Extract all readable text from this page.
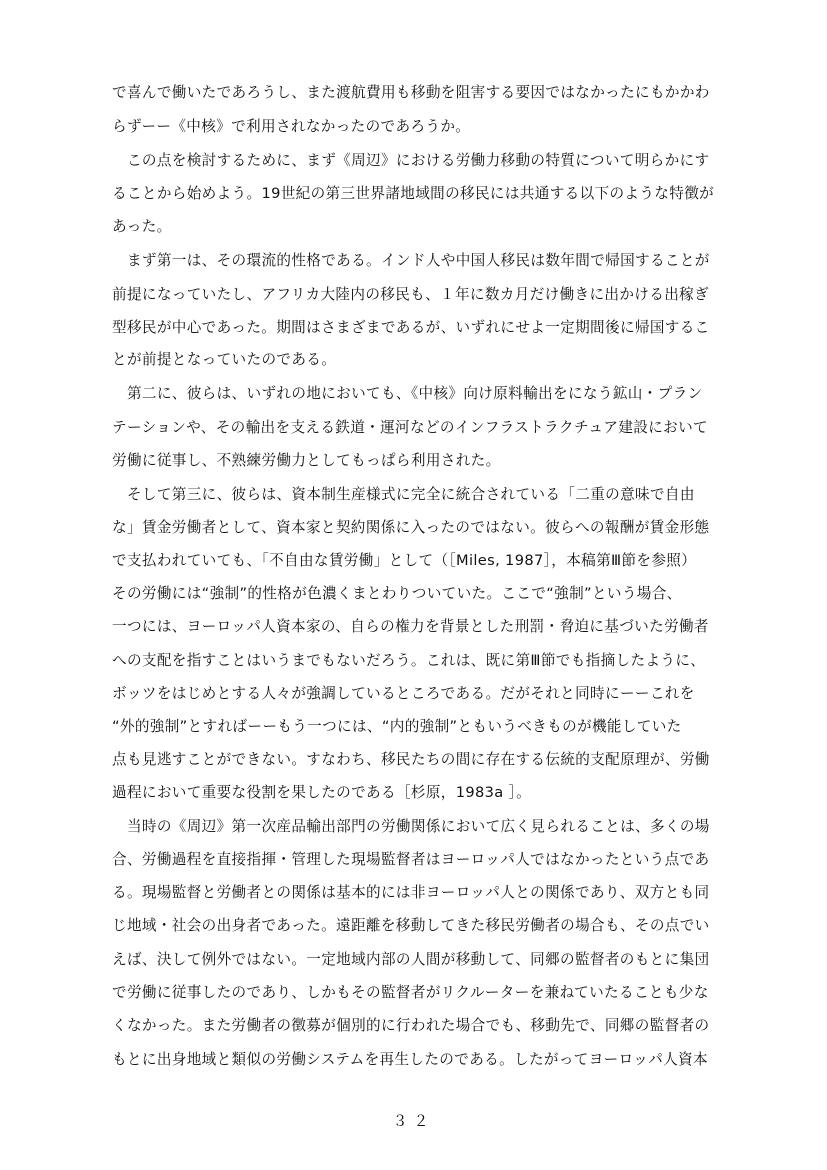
で喜んで働いたであろうし、また渡航費用も移動を阻害する要因ではなかったにもかかわ
らずーー《中核》で利用されなかったのであろうか。
　この点を検討するために、まず《周辺》における労働力移動の特質について明らかにす
ることから始めよう。19世紀の第三世界諸地域間の移民には共通する以下のような特徴が
あった。
　まず第一は、その環流的性格である。インド人や中国人移民は数年間で帰国することが
前提になっていたし、アフリカ大陸内の移民も、１年に数カ月だけ働きに出かける出稼ぎ
型移民が中心であった。期間はさまざまであるが、いずれにせよ一定期間後に帰国するこ
とが前提となっていたのである。
　第二に、彼らは、いずれの地においても、《中核》向け原料輸出をになう鉱山・プラン
テーションや、その輸出を支える鉄道・運河などのインフラストラクチュア建設において
労働に従事し、不熟練労働力としてもっぱら利用された。
　そして第三に、彼らは、資本制生産様式に完全に統合されている「二重の意味で自由
な」賃金労働者として、資本家と契約関係に入ったのではない。彼らへの報酬が賃金形態
で支払われていても、「不自由な賃労働」として（［Miles, 1987］，本稿第Ⅲ節を参照）
その労働には“強制”的性格が色濃くまとわりついていた。ここで“強制”という場合、
一つには、ヨーロッパ人資本家の、自らの権力を背景とした刑罰・脅迫に基づいた労働者
への支配を指すことはいうまでもないだろう。これは、既に第Ⅲ節でも指摘したように、
ボッツをはじめとする人々が強調しているところである。だがそれと同時にーーこれを
“外的強制”とすればーーもう一つには、“内的強制”ともいうべきものが機能していた
点も見逃すことができない。すなわち、移民たちの間に存在する伝統的支配原理が、労働
過程において重要な役割を果したのである［杉原，1983a ］。
　当時の《周辺》第一次産品輸出部門の労働関係において広く見られることは、多くの場
合、労働過程を直接指揮・管理した現場監督者はヨーロッパ人ではなかったという点であ
る。現場監督と労働者との関係は基本的には非ヨーロッパ人との関係であり、双方とも同
じ地域・社会の出身者であった。遠距離を移動してきた移民労働者の場合も、その点でい
えば、決して例外ではない。一定地域内部の人間が移動して、同郷の監督者のもとに集団
で労働に従事したのであり、しかもその監督者がリクルーターを兼ねていたることも少な
くなかった。また労働者の徴募が個別的に行われた場合でも、移動先で、同郷の監督者の
もとに出身地域と類似の労働システムを再生したのである。したがってヨーロッパ人資本
３２
